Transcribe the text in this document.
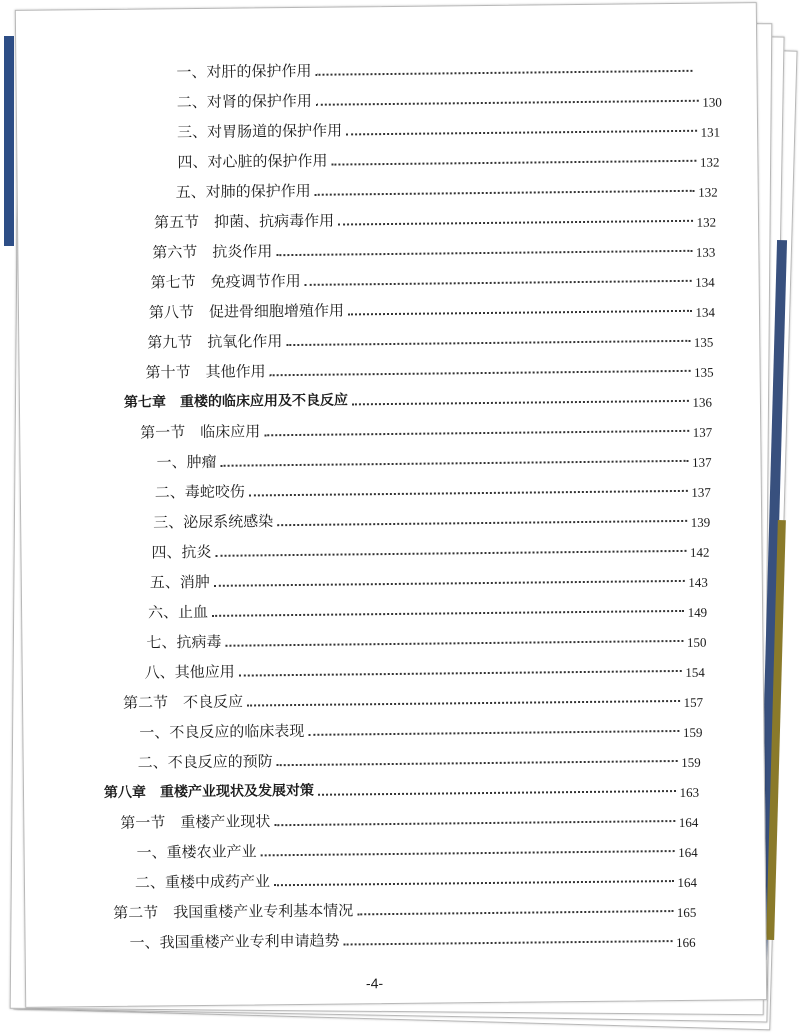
一、对肝的保护作用
二、对肾的保护作用	130
三、对胃肠道的保护作用	131
四、对心脏的保护作用	132
五、对肺的保护作用	132
第五节　抑菌、抗病毒作用	132
第六节　抗炎作用	133
第七节　免疫调节作用	134
第八节　促进骨细胞增殖作用	134
第九节　抗氧化作用	135
第十节　其他作用	135
第七章　重楼的临床应用及不良反应	136
第一节　临床应用	137
一、肿瘤	137
二、毒蛇咬伤	137
三、泌尿系统感染	139
四、抗炎	142
五、消肿	143
六、止血	149
七、抗病毒	150
八、其他应用	154
第二节　不良反应	157
一、不良反应的临床表现	159
二、不良反应的预防	159
第八章　重楼产业现状及发展对策	163
第一节　重楼产业现状	164
一、重楼农业产业	164
二、重楼中成药产业	164
第二节　我国重楼产业专利基本情况	165
一、我国重楼产业专利申请趋势	166
-4-
